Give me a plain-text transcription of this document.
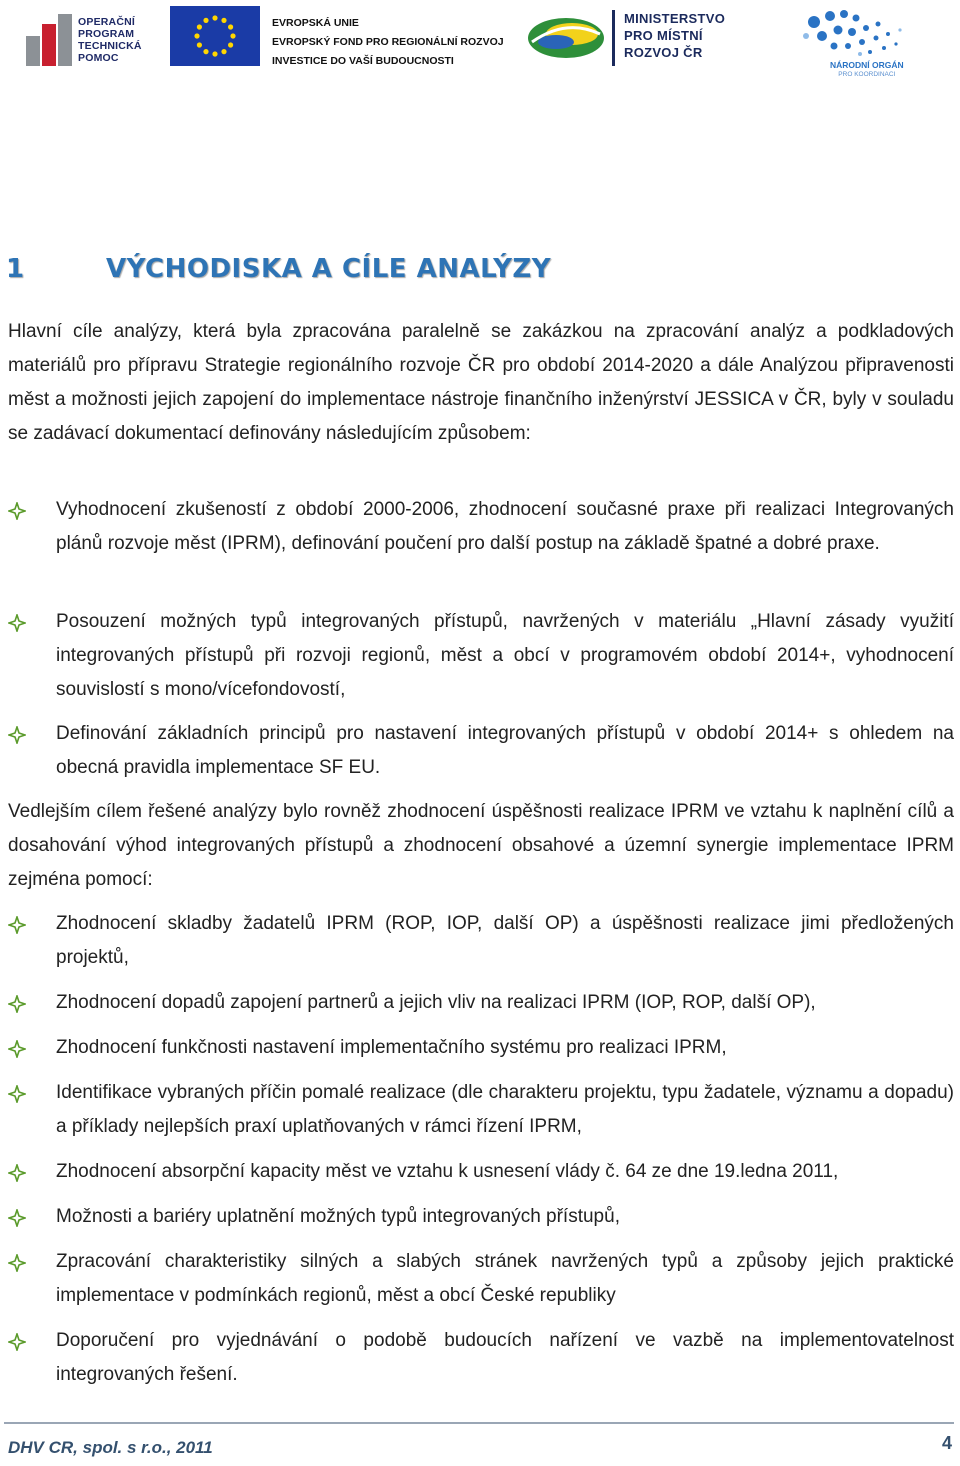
OPERAČNÍ
PROGRAM
TECHNICKÁ
POMOC
EVROPSKÁ UNIE
EVROPSKÝ FOND PRO REGIONÁLNÍ ROZVOJ
INVESTICE DO VAŠÍ BUDOUCNOSTI
MINISTERSTVO
PRO MÍSTNÍ
ROZVOJ ČR
NÁRODNÍ ORGÁN
PRO KOORDINACI
1	VÝCHODISKA A CÍLE ANALÝZY
Hlavní cíle analýzy, která byla zpracována paralelně se zakázkou na zpracování analýz a podkladových materiálů pro přípravu Strategie regionálního rozvoje ČR pro období 2014-2020 a dále Analýzou připravenosti měst a možnosti jejich zapojení do implementace nástroje finančního inženýrství JESSICA v ČR, byly v souladu se zadávací dokumentací definovány následujícím způsobem:
Vyhodnocení zkušeností z období 2000-2006, zhodnocení současné praxe při realizaci Integrovaných plánů rozvoje měst (IPRM), definování poučení pro další postup na základě špatné a dobré praxe.
Posouzení možných typů integrovaných přístupů, navržených v materiálu „Hlavní zásady využití integrovaných přístupů při rozvoji regionů, měst a obcí v programovém období 2014+, vyhodnocení souvislostí s mono/vícefondovostí,
Definování základních principů pro nastavení integrovaných přístupů v období 2014+ s ohledem na obecná pravidla implementace SF EU.
Vedlejším cílem řešené analýzy bylo rovněž zhodnocení úspěšnosti realizace IPRM ve vztahu k naplnění cílů a dosahování výhod integrovaných přístupů a zhodnocení obsahové a územní synergie implementace IPRM zejména pomocí:
Zhodnocení skladby žadatelů IPRM (ROP, IOP, další OP) a úspěšnosti realizace jimi předložených projektů,
Zhodnocení dopadů zapojení partnerů a jejich vliv na realizaci IPRM (IOP, ROP, další OP),
Zhodnocení funkčnosti nastavení implementačního systému pro realizaci IPRM,
Identifikace vybraných příčin pomalé realizace (dle charakteru projektu, typu žadatele, významu a dopadu) a příklady nejlepších praxí uplatňovaných v rámci řízení IPRM,
Zhodnocení absorpční kapacity měst ve vztahu k usnesení vlády č. 64 ze dne 19.ledna 2011,
Možnosti a bariéry uplatnění možných typů integrovaných přístupů,
Zpracování charakteristiky silných a slabých stránek navržených typů a způsoby jejich praktické implementace v podmínkách regionů, měst a obcí České republiky
Doporučení pro vyjednávání o podobě budoucích nařízení ve vazbě na implementovatelnost integrovaných řešení.
DHV CR, spol. s r.o., 2011	4
